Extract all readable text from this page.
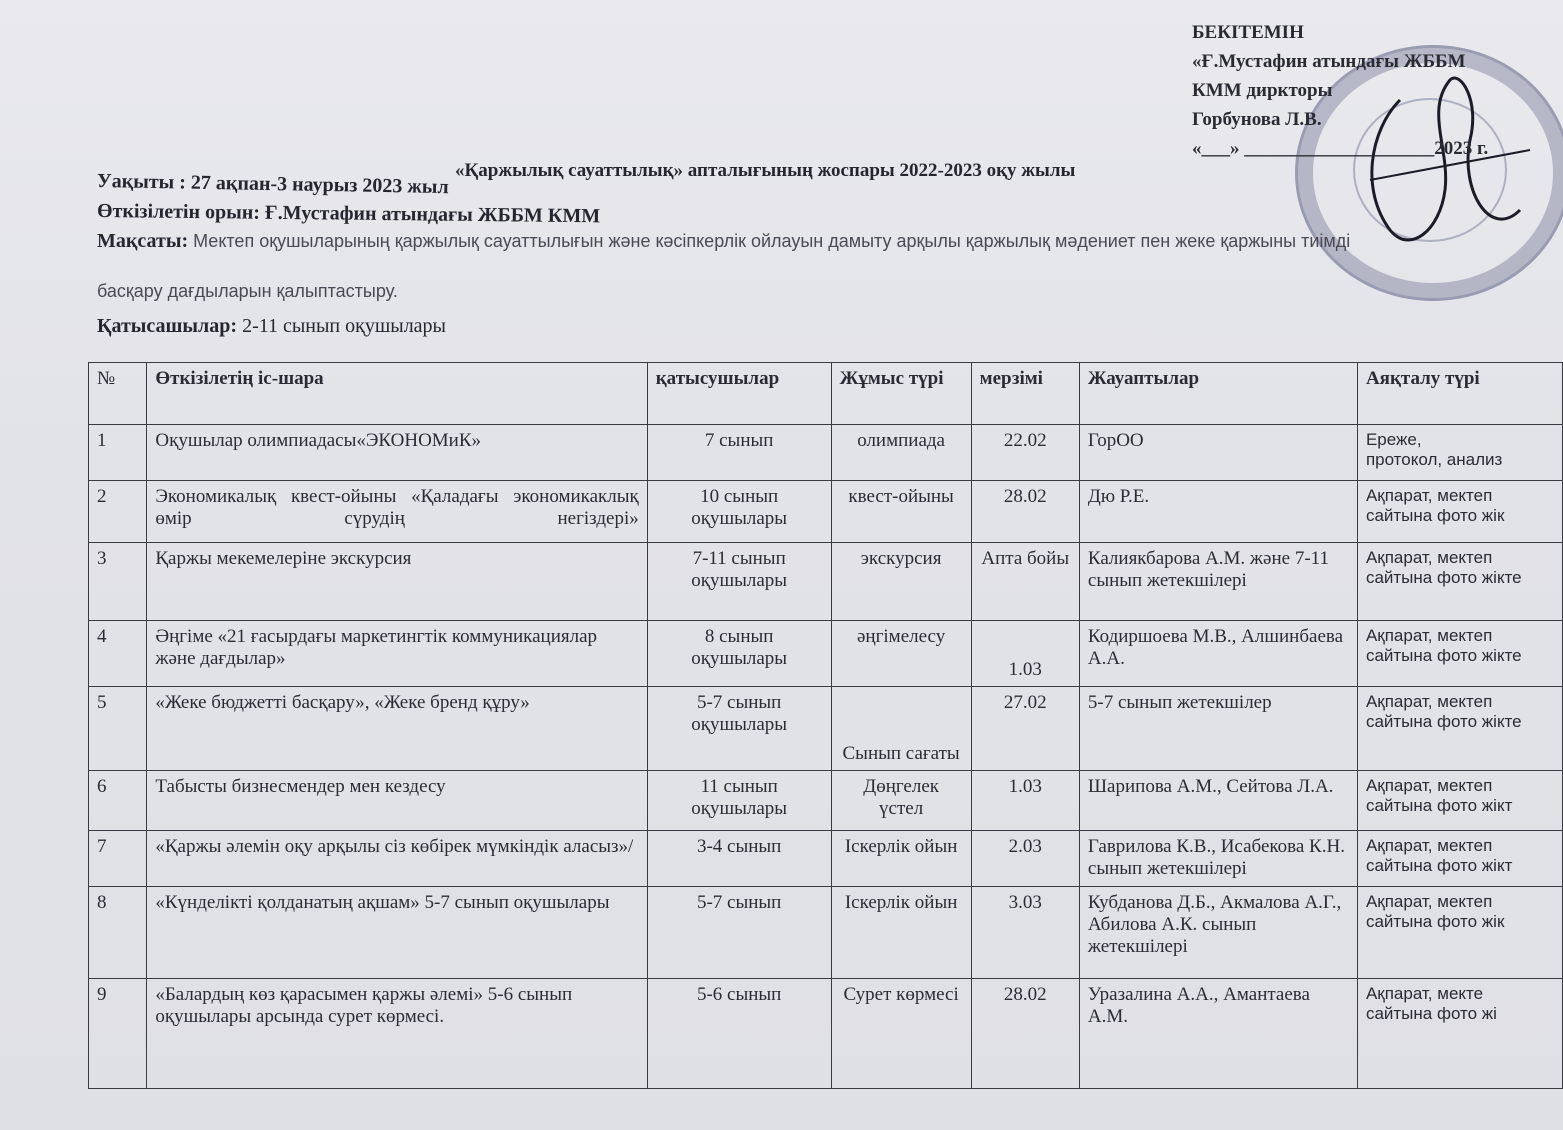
БЕКІТЕМІН
«Ғ.Мустафин атындағы ЖББМ
КММ диркторы
Горбунова Л.В.
«___» ____________________2023 г.
«Қаржылық сауаттылық» апталығының жоспары 2022-2023 оқу жылы
Уақыты : 27 ақпан-3 наурыз 2023 жыл
Өткізілетін орын: Ғ.Мустафин атындағы ЖББМ КММ
Мақсаты: Мектеп оқушыларының қаржылық сауаттылығын және кәсіпкерлік ойлауын дамыту арқылы қаржылық мәдениет пен жеке қаржыны тиімді
басқару дағдыларын қалыптастыру.
Қатысашылар: 2-11 сынып оқушылары
№	Өткізілетің іс-шара	қатысушылар	Жұмыс түрі	мерзімі	Жауаптылар	Аяқталу түрі
1	Оқушылар олимпиадасы«ЭКОНОМиК»	7 сынып	олимпиада	22.02	ГорОО	Ереже,
протокол, анализ
2	Экономикалық квест-ойыны «Қаладағы экономикаклық өмір сүрудің негіздері»	10 сынып оқушылары	квест-ойыны	28.02	Дю Р.Е.	Ақпарат, мектеп
сайтына фото жік
3	Қаржы мекемелеріне экскурсия	7-11 сынып оқушылары	экскурсия	Апта бойы	Калиякбарова А.М. және 7-11 сынып жетекшілері	Ақпарат, мектеп
сайтына фото жікте
4	Әңгіме «21 ғасырдағы маркетингтік коммуникациялар және дағдылар»	8 сынып оқушылары	әңгімелесу	1.03	Кодиршоева М.В., Алшинбаева А.А.	Ақпарат, мектеп
сайтына фото жікте
5	«Жеке бюджетті басқару», «Жеке бренд құру»	5-7 сынып оқушылары	Сынып сағаты	27.02	5-7 сынып жетекшілер	Ақпарат, мектеп
сайтына фото жікте
6	Табысты бизнесмендер мен кездесу	11 сынып оқушылары	Дөңгелек үстел	1.03	Шарипова А.М., Сейтова Л.А.	Ақпарат, мектеп
сайтына фото жікт
7	«Қаржы әлемін оқу арқылы сіз көбірек мүмкіндік аласыз»/	3-4 сынып	Іскерлік ойын	2.03	Гаврилова К.В., Исабекова К.Н. сынып жетекшілері	Ақпарат, мектеп
сайтына фото жікт
8	«Күнделікті қолданатың ақшам» 5-7 сынып оқушылары	5-7 сынып	Іскерлік ойын	3.03	Кубданова Д.Б., Акмалова А.Г., Абилова А.К. сынып жетекшілері	Ақпарат, мектеп
сайтына фото жік
9	«Балардың көз қарасымен қаржы әлемі» 5-6 сынып оқушылары арсында сурет көрмесі.	5-6 сынып	Сурет көрмесі	28.02	Уразалина А.А., Амантаева А.М.	Ақпарат, мекте
сайтына фото жі
